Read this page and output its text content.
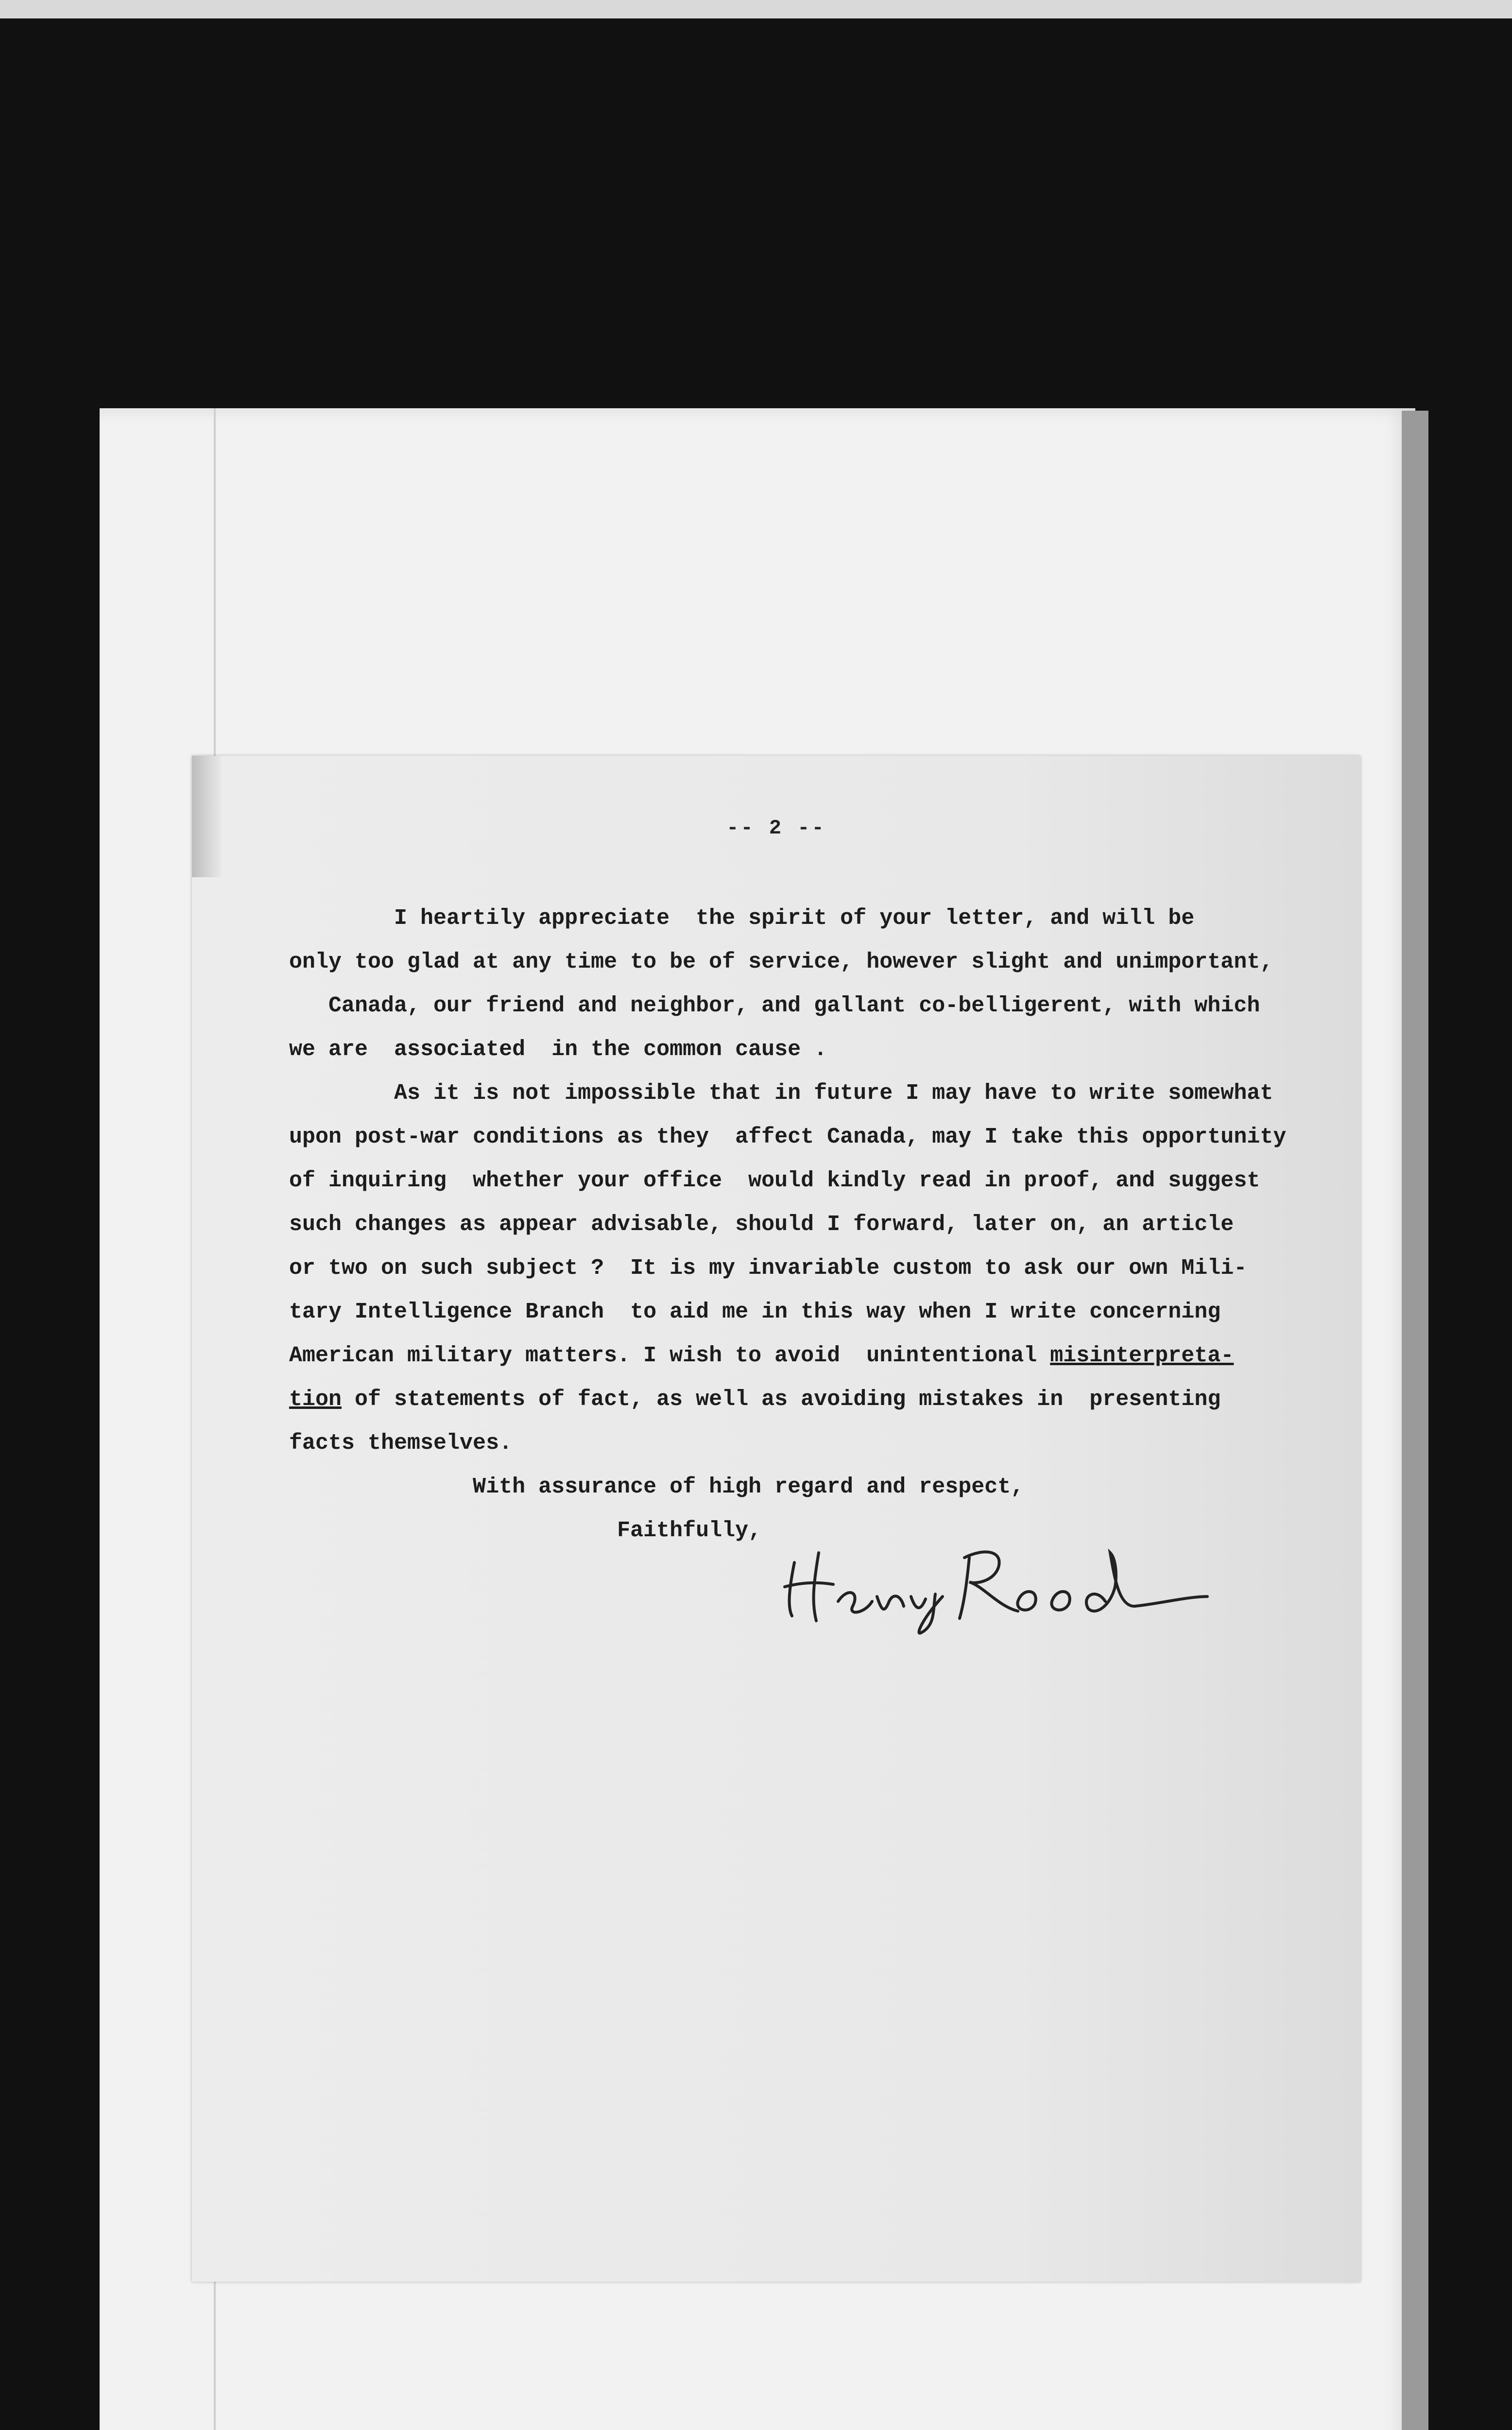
-- 2 --
I heartily appreciate  the spirit of your letter, and will be
only too glad at any time to be of service, however slight and unimportant,
Canada, our friend and neighbor, and gallant co-belligerent, with which
we are  associated  in the common cause .
As it is not impossible that in future I may have to write somewhat
upon post-war conditions as they  affect Canada, may I take this opportunity
of inquiring  whether your office  would kindly read in proof, and suggest
such changes as appear advisable, should I forward, later on, an article
or two on such subject ?  It is my invariable custom to ask our own Mili-
tary Intelligence Branch  to aid me in this way when I write concerning
American military matters. I wish to avoid  unintentional misinterpreta-
tion of statements of fact, as well as avoiding mistakes in  presenting
facts themselves.
With assurance of high regard and respect,
Faithfully,
